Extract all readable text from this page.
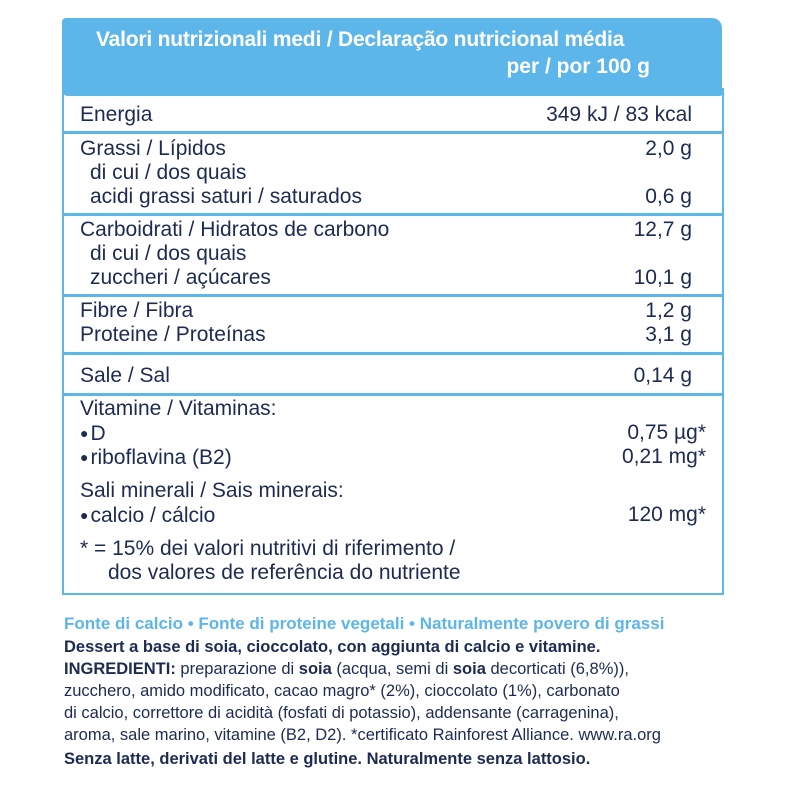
Valori nutrizionali medi / Declaração nutricional média
per / por 100 g
Energia	349 kJ / 83 kcal
Grassi / Lípidos	2,0 g
di cui / dos quais
acidi grassi saturi / saturados	0,6 g
Carboidrati / Hidratos de carbono	12,7 g
di cui / dos quais
zuccheri / açúcares	10,1 g
Fibre / Fibra	1,2 g
Proteine / Proteínas	3,1 g
Sale / Sal	0,14 g
Vitamine / Vitaminas:
●D	0,75 µg*
●riboflavina (B2)	0,21 mg*
Sali minerali / Sais minerais:
●calcio / cálcio	120 mg*
* = 15% dei valori nutritivi di riferimento /
dos valores de referência do nutriente
Fonte di calcio • Fonte di proteine vegetali • Naturalmente povero di grassi
Dessert a base di soia, cioccolato, con aggiunta di calcio e vitamine.
INGREDIENTI: preparazione di soia (acqua, semi di soia decorticati (6,8%)),
zucchero, amido modificato, cacao magro* (2%), cioccolato (1%), carbonato
di calcio, correttore di acidità (fosfati di potassio), addensante (carragenina),
aroma, sale marino, vitamine (B2, D2). *certificato Rainforest Alliance. www.ra.org
Senza latte, derivati del latte e glutine. Naturalmente senza lattosio.
